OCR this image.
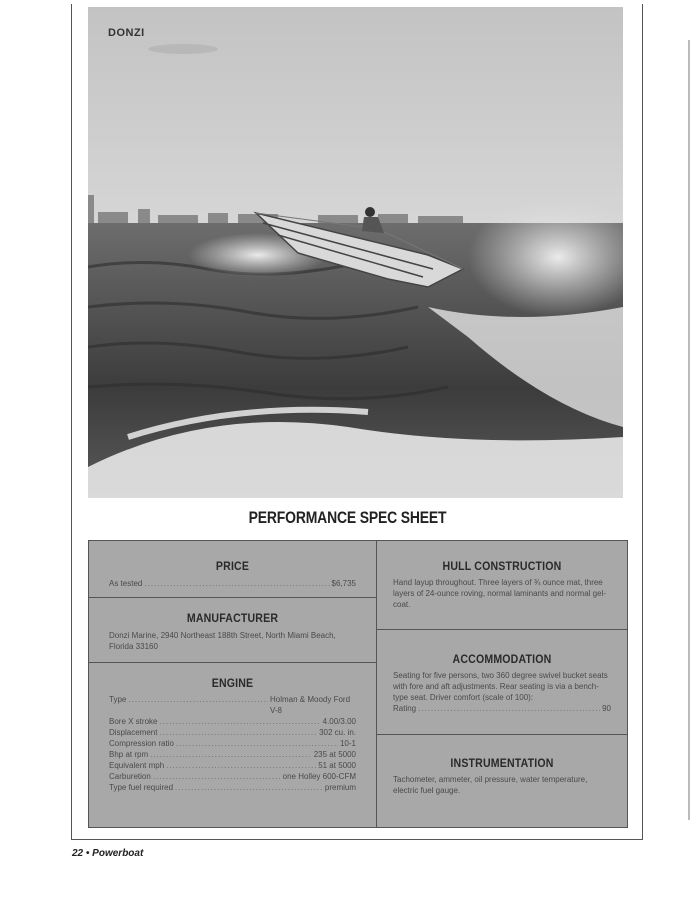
DONZI
PERFORMANCE SPEC SHEET
PRICE
As tested .....	$6,735
MANUFACTURER
Donzi Marine, 2940 Northeast 188th Street, North Miami Beach, Florida 33160
ENGINE
Type .....	Holman & Moody Ford V-8
Bore X stroke .....	4.00/3.00
Displacement .....	302 cu. in.
Compression ratio .....	10-1
Bhp at rpm .....	235 at 5000
Equivalent mph .....	51 at 5000
Carburetion .....	one Holley 600-CFM
Type fuel required .....	premium
HULL CONSTRUCTION
Hand layup throughout. Three layers of ¾ ounce mat, three layers of 24-ounce roving, normal laminants and normal gel-coat.
ACCOMMODATION
Seating for five persons, two 360 degree swivel bucket seats with fore and aft adjustments. Rear seating is via a bench-type seat. Driver comfort (scale of 100):
Rating .....	90
INSTRUMENTATION
Tachometer, ammeter, oil pressure, water temperature, electric fuel gauge.
22 • Powerboat
